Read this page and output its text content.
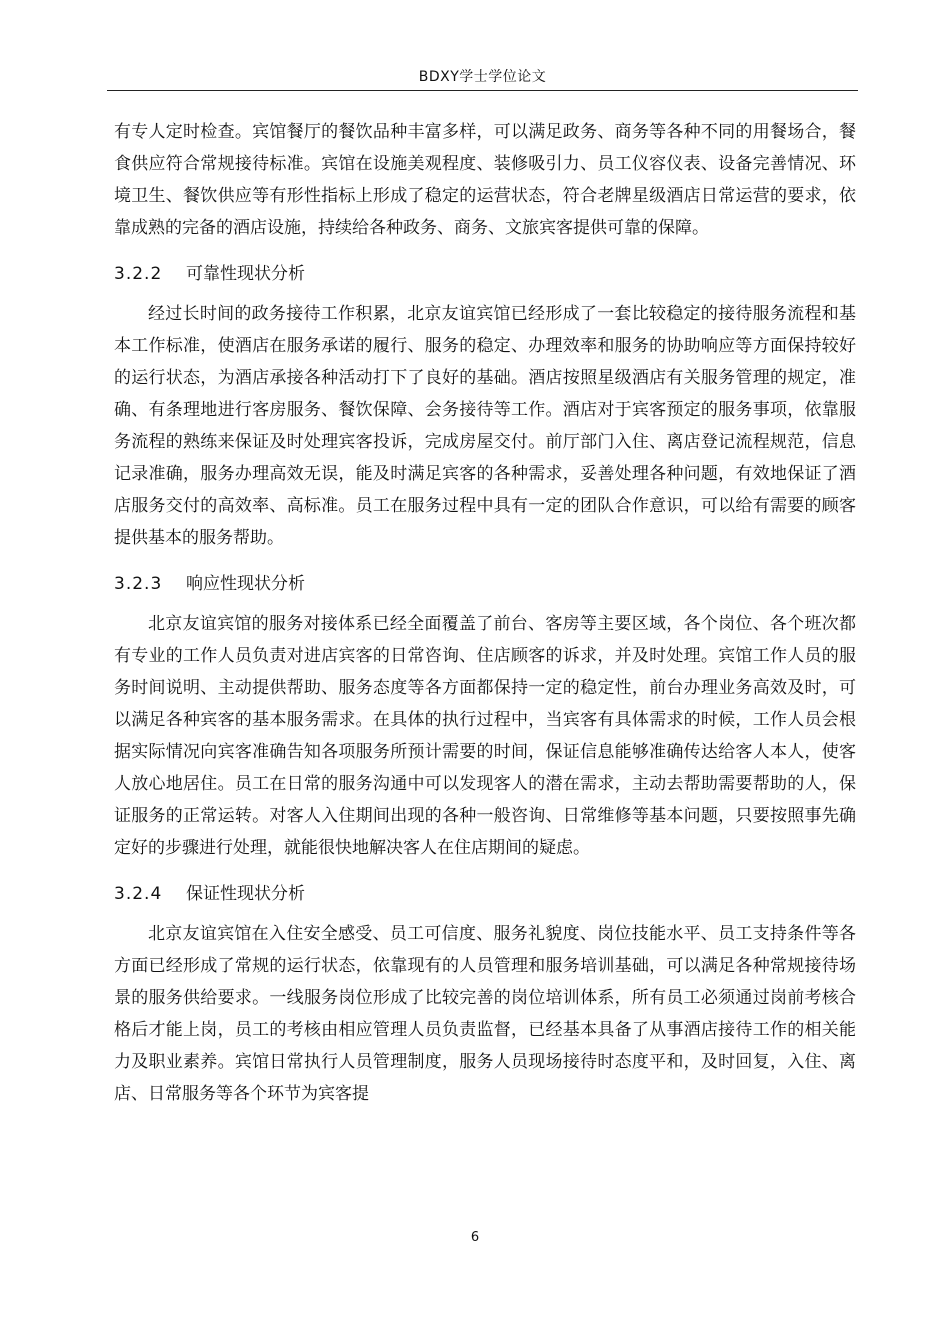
BDXY学士学位论文

有专人定时检查。宾馆餐厅的餐饮品种丰富多样，可以满足政务、商务等各种不同的用餐场合，餐食供应符合常规接待标准。宾馆在设施美观程度、装修吸引力、员工仪容仪表、设备完善情况、环境卫生、餐饮供应等有形性指标上形成了稳定的运营状态，符合老牌星级酒店日常运营的要求，依靠成熟的完备的酒店设施，持续给各种政务、商务、文旅宾客提供可靠的保障。

3.2.2	可靠性现状分析

经过长时间的政务接待工作积累，北京友谊宾馆已经形成了一套比较稳定的接待服务流程和基本工作标准，使酒店在服务承诺的履行、服务的稳定、办理效率和服务的协助响应等方面保持较好的运行状态，为酒店承接各种活动打下了良好的基础。酒店按照星级酒店有关服务管理的规定，准确、有条理地进行客房服务、餐饮保障、会务接待等工作。酒店对于宾客预定的服务事项，依靠服务流程的熟练来保证及时处理宾客投诉，完成房屋交付。前厅部门入住、离店登记流程规范，信息记录准确，服务办理高效无误，能及时满足宾客的各种需求，妥善处理各种问题，有效地保证了酒店服务交付的高效率、高标准。员工在服务过程中具有一定的团队合作意识，可以给有需要的顾客提供基本的服务帮助。

3.2.3	响应性现状分析

北京友谊宾馆的服务对接体系已经全面覆盖了前台、客房等主要区域，各个岗位、各个班次都有专业的工作人员负责对进店宾客的日常咨询、住店顾客的诉求，并及时处理。宾馆工作人员的服务时间说明、主动提供帮助、服务态度等各方面都保持一定的稳定性，前台办理业务高效及时，可以满足各种宾客的基本服务需求。在具体的执行过程中，当宾客有具体需求的时候，工作人员会根据实际情况向宾客准确告知各项服务所预计需要的时间，保证信息能够准确传达给客人本人，使客人放心地居住。员工在日常的服务沟通中可以发现客人的潜在需求，主动去帮助需要帮助的人，保证服务的正常运转。对客人入住期间出现的各种一般咨询、日常维修等基本问题，只要按照事先确定好的步骤进行处理，就能很快地解决客人在住店期间的疑虑。

3.2.4	保证性现状分析

北京友谊宾馆在入住安全感受、员工可信度、服务礼貌度、岗位技能水平、员工支持条件等各方面已经形成了常规的运行状态，依靠现有的人员管理和服务培训基础，可以满足各种常规接待场景的服务供给要求。一线服务岗位形成了比较完善的岗位培训体系，所有员工必须通过岗前考核合格后才能上岗，员工的考核由相应管理人员负责监督，已经基本具备了从事酒店接待工作的相关能力及职业素养。宾馆日常执行人员管理制度，服务人员现场接待时态度平和，及时回复，入住、离店、日常服务等各个环节为宾客提

6
